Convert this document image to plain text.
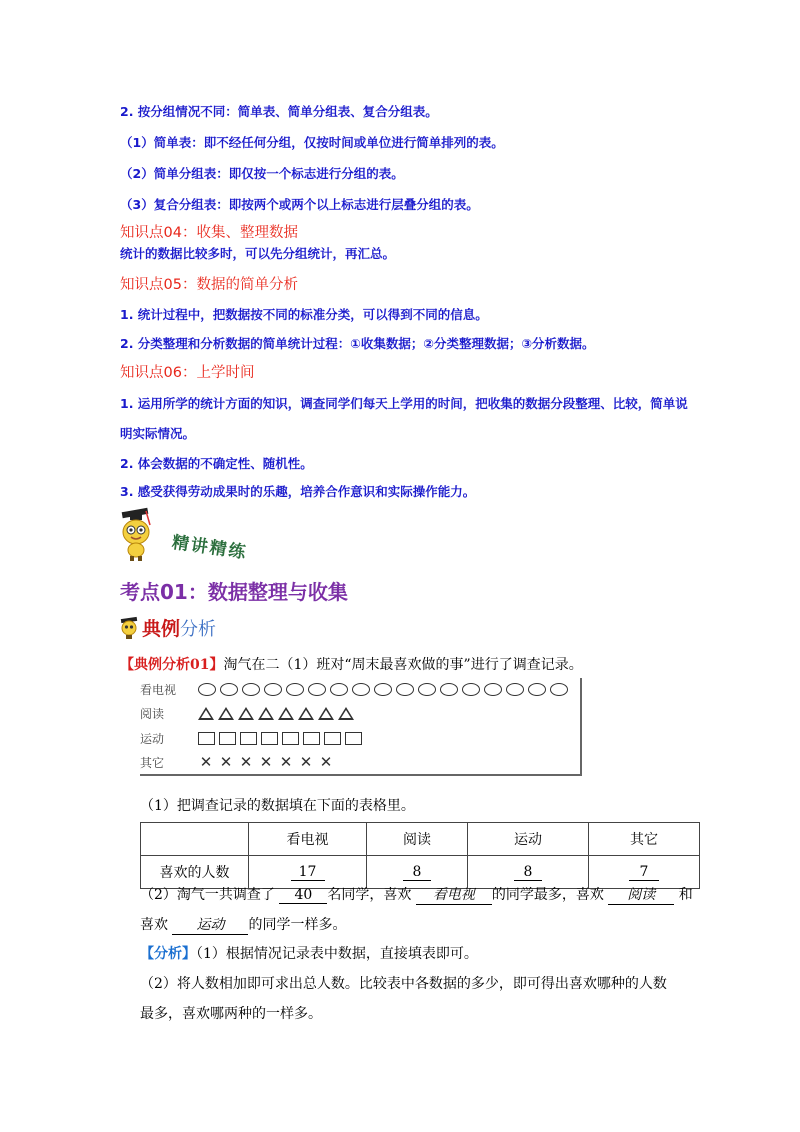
2. 按分组情况不同：简单表、简单分组表、复合分组表。
（1）简单表：即不经任何分组，仅按时间或单位进行简单排列的表。
（2）简单分组表：即仅按一个标志进行分组的表。
（3）复合分组表：即按两个或两个以上标志进行层叠分组的表。
知识点04：收集、整理数据
统计的数据比较多时，可以先分组统计，再汇总。
知识点05：数据的简单分析
1. 统计过程中，把数据按不同的标准分类，可以得到不同的信息。
2. 分类整理和分析数据的简单统计过程：①收集数据；②分类整理数据；③分析数据。
知识点06：上学时间
1. 运用所学的统计方面的知识，调查同学们每天上学用的时间，把收集的数据分段整理、比较，简单说
明实际情况。
2. 体会数据的不确定性、随机性。
3. 感受获得劳动成果时的乐趣，培养合作意识和实际操作能力。
精讲精练
考点01：数据整理与收集
典例 分析
【典例分析01】淘气在二（1）班对“周末最喜欢做的事”进行了调查记录。
看电视
阅读
运动
其它	✕ ✕ ✕ ✕ ✕ ✕ ✕
（1）把调查记录的数据填在下面的表格里。
	看电视	阅读	运动	其它
喜欢的人数	17	8	8	7
（2）淘气一共调查了 40 名同学，喜欢 看电视 的同学最多，喜欢 阅读 和
喜欢 运动 的同学一样多。
【分析】（1）根据情况记录表中数据，直接填表即可。
（2）将人数相加即可求出总人数。比较表中各数据的多少，即可得出喜欢哪种的人数
最多，喜欢哪两种的一样多。
